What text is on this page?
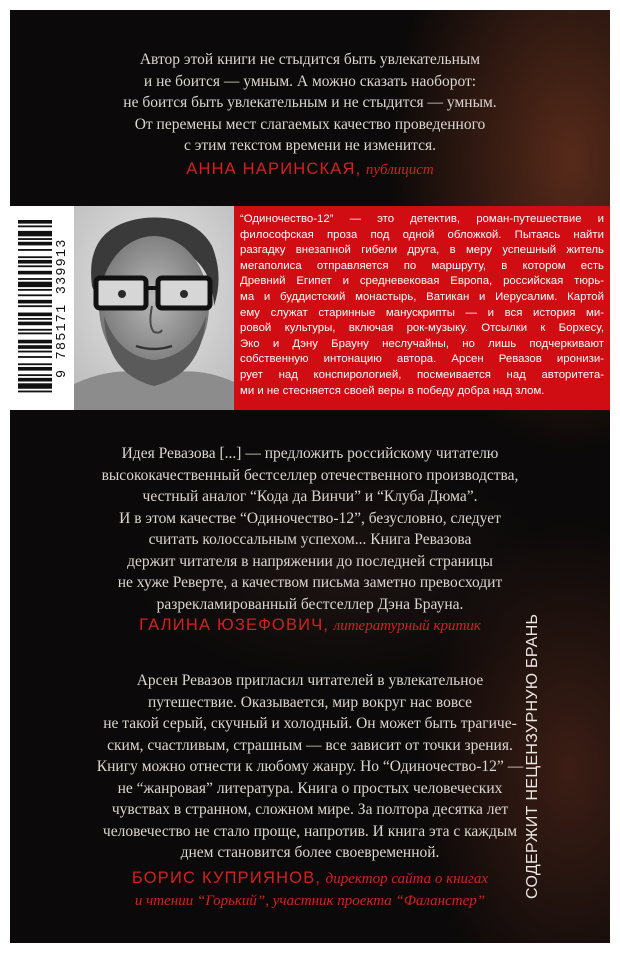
Автор этой книги не стыдится быть увлекательным
и не боится — умным. А можно сказать наоборот:
не боится быть увлекательным и не стыдится — умным.
От перемены мест слагаемых качество проведенного
с этим текстом времени не изменится.
АННА НАРИНСКАЯ, публицист
9 785171 339913
“Одиночество-12” — это детектив, роман-путешествие и
философская проза под одной обложкой. Пытаясь найти
разгадку внезапной гибели друга, в меру успешный житель
мегаполиса отправляется по маршруту, в котором есть
Древний Египет и средневековая Европа, российская тюрь-
ма и буддистский монастырь, Ватикан и Иерусалим. Картой
ему служат старинные манускрипты — и вся история ми-
ровой культуры, включая рок-музыку. Отсылки к Борхесу,
Эко и Дэну Брауну неслучайны, но лишь подчеркивают
собственную интонацию автора. Арсен Ревазов иронизи-
рует над конспирологией, посмеивается над авторитета-
ми и не стесняется своей веры в победу добра над злом.
Идея Ревазова [...] — предложить российскому читателю
высококачественный бестселлер отечественного производства,
честный аналог “Кода да Винчи” и “Клуба Дюма”.
И в этом качестве “Одиночество-12”, безусловно, следует
считать колоссальным успехом... Книга Ревазова
держит читателя в напряжении до последней страницы
не хуже Реверте, а качеством письма заметно превосходит
разрекламированный бестселлер Дэна Брауна.
ГАЛИНА ЮЗЕФОВИЧ, литературный критик
Арсен Ревазов пригласил читателей в увлекательное
путешествие. Оказывается, мир вокруг нас вовсе
не такой серый, скучный и холодный. Он может быть трагиче-
ским, счастливым, страшным — все зависит от точки зрения.
Книгу можно отнести к любому жанру. Но “Одиночество-12” —
не “жанровая” литература. Книга о простых человеческих
чувствах в странном, сложном мире. За полтора десятка лет
человечество не стало проще, напротив. И книга эта с каждым
днем становится более своевременной.
БОРИС КУПРИЯНОВ, директор сайта о книгах
и чтении “Горький”, участник проекта “Фаланстер”
СОДЕРЖИТ НЕЦЕНЗУРНУЮ БРАНЬ
